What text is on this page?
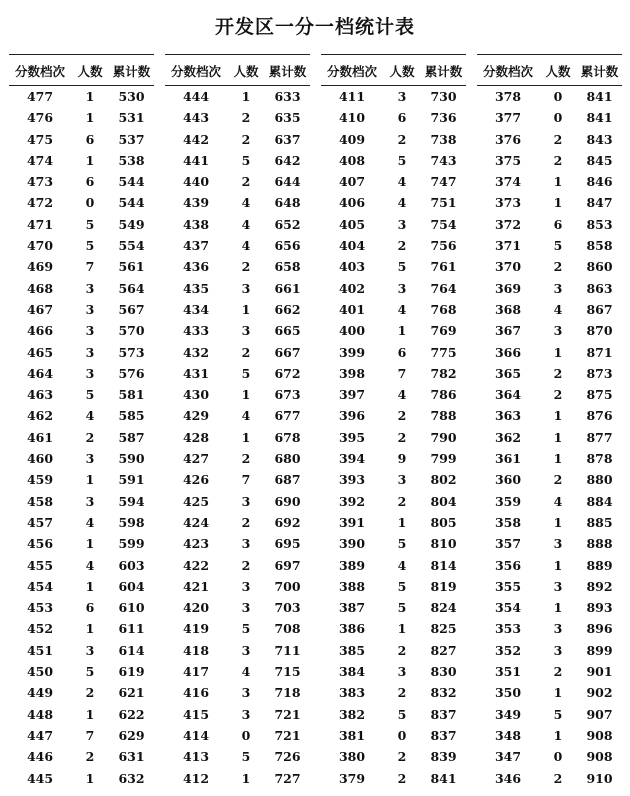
开发区一分一档统计表
分数档次 人数 累计数
477	1	530
476	1	531
475	6	537
474	1	538
473	6	544
472	0	544
471	5	549
470	5	554
469	7	561
468	3	564
467	3	567
466	3	570
465	3	573
464	3	576
463	5	581
462	4	585
461	2	587
460	3	590
459	1	591
458	3	594
457	4	598
456	1	599
455	4	603
454	1	604
453	6	610
452	1	611
451	3	614
450	5	619
449	2	621
448	1	622
447	7	629
446	2	631
445	1	632
分数档次 人数 累计数
444	1	633
443	2	635
442	2	637
441	5	642
440	2	644
439	4	648
438	4	652
437	4	656
436	2	658
435	3	661
434	1	662
433	3	665
432	2	667
431	5	672
430	1	673
429	4	677
428	1	678
427	2	680
426	7	687
425	3	690
424	2	692
423	3	695
422	2	697
421	3	700
420	3	703
419	5	708
418	3	711
417	4	715
416	3	718
415	3	721
414	0	721
413	5	726
412	1	727
分数档次 人数 累计数
411	3	730
410	6	736
409	2	738
408	5	743
407	4	747
406	4	751
405	3	754
404	2	756
403	5	761
402	3	764
401	4	768
400	1	769
399	6	775
398	7	782
397	4	786
396	2	788
395	2	790
394	9	799
393	3	802
392	2	804
391	1	805
390	5	810
389	4	814
388	5	819
387	5	824
386	1	825
385	2	827
384	3	830
383	2	832
382	5	837
381	0	837
380	2	839
379	2	841
分数档次 人数 累计数
378	0	841
377	0	841
376	2	843
375	2	845
374	1	846
373	1	847
372	6	853
371	5	858
370	2	860
369	3	863
368	4	867
367	3	870
366	1	871
365	2	873
364	2	875
363	1	876
362	1	877
361	1	878
360	2	880
359	4	884
358	1	885
357	3	888
356	1	889
355	3	892
354	1	893
353	3	896
352	3	899
351	2	901
350	1	902
349	5	907
348	1	908
347	0	908
346	2	910
